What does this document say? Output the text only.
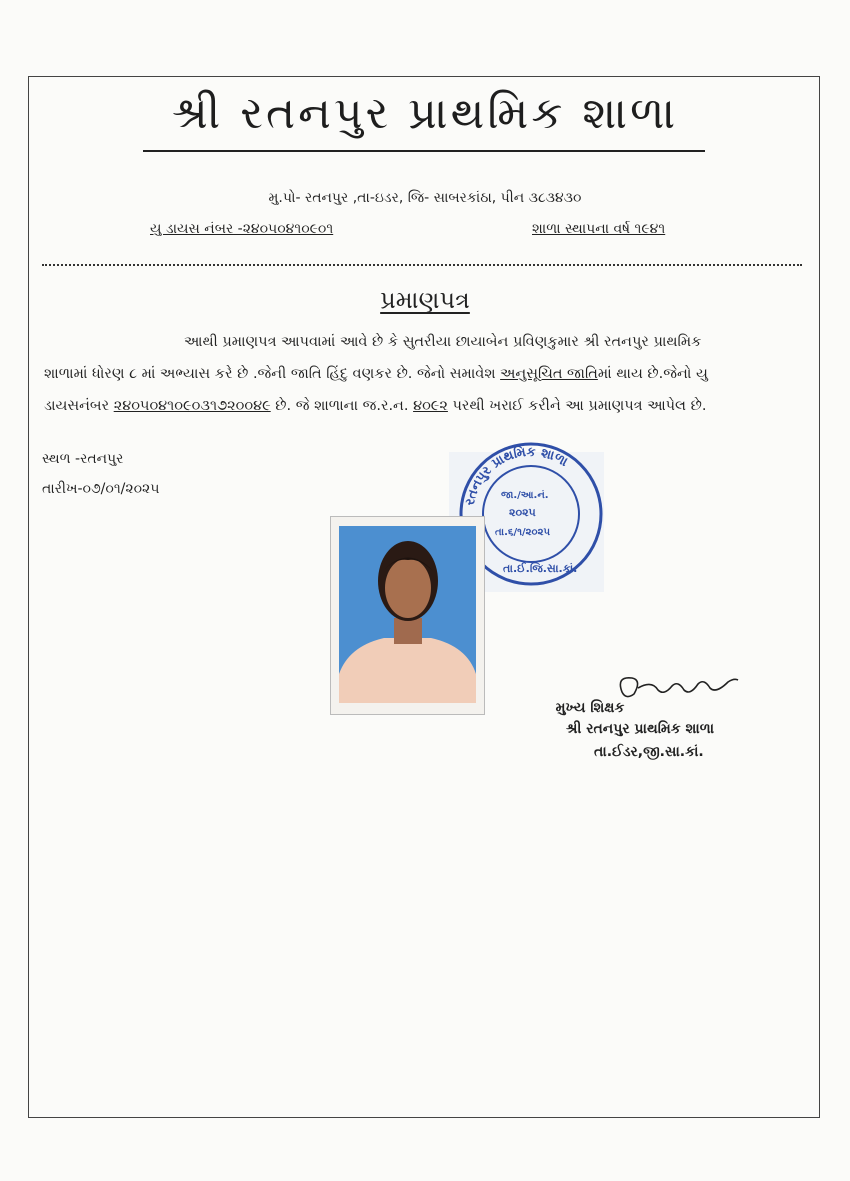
શ્રી રતનપુર પ્રાથમિક શાળા
મુ.પો- રતનપુર ,તા-ઇડર, જિ- સાબરકાંઠા, પીન ૩૮૩૪૩૦
યુ ડાયસ નંબર -૨૪૦૫૦૪૧૦૯૦૧	શાળા સ્થાપના વર્ષ ૧૯૪૧
પ્રમાણપત્ર
આથી પ્રમાણપત્ર આપવામાં આવે છે કે સુતરીયા છાયાબેન પ્રવિણકુમાર શ્રી રતનપુર પ્રાથમિક
શાળામાં ધોરણ ૮ માં અભ્યાસ કરે છે .જેની જાતિ હિંદુ વણકર છે. જેનો સમાવેશ અનુસૂચિત જાતિમાં થાય છે.જેનો યુ
ડાયસનંબર ૨૪૦૫૦૪૧૦૯૦૩૧૭૨૦૦૪૯ છે. જે શાળાના જ.ર.ન. ૪૦૯૨ પરથી ખરાઈ કરીને આ પ્રમાણપત્ર આપેલ છે.
સ્થળ -રતનપુર
તારીખ-૦૭/૦૧/૨૦૨૫
રતનપુર પ્રાથમિક શાળા
જા./આ.નં.
૨૦૨૫
તા.૬/૧/૨૦૨૫
તા.ઈ.જિ.સા.કાં.
મુખ્ય શિક્ષક
શ્રી રતનપુર પ્રાથમિક શાળા
તા.ઈડર,જી.સા.કાં.
